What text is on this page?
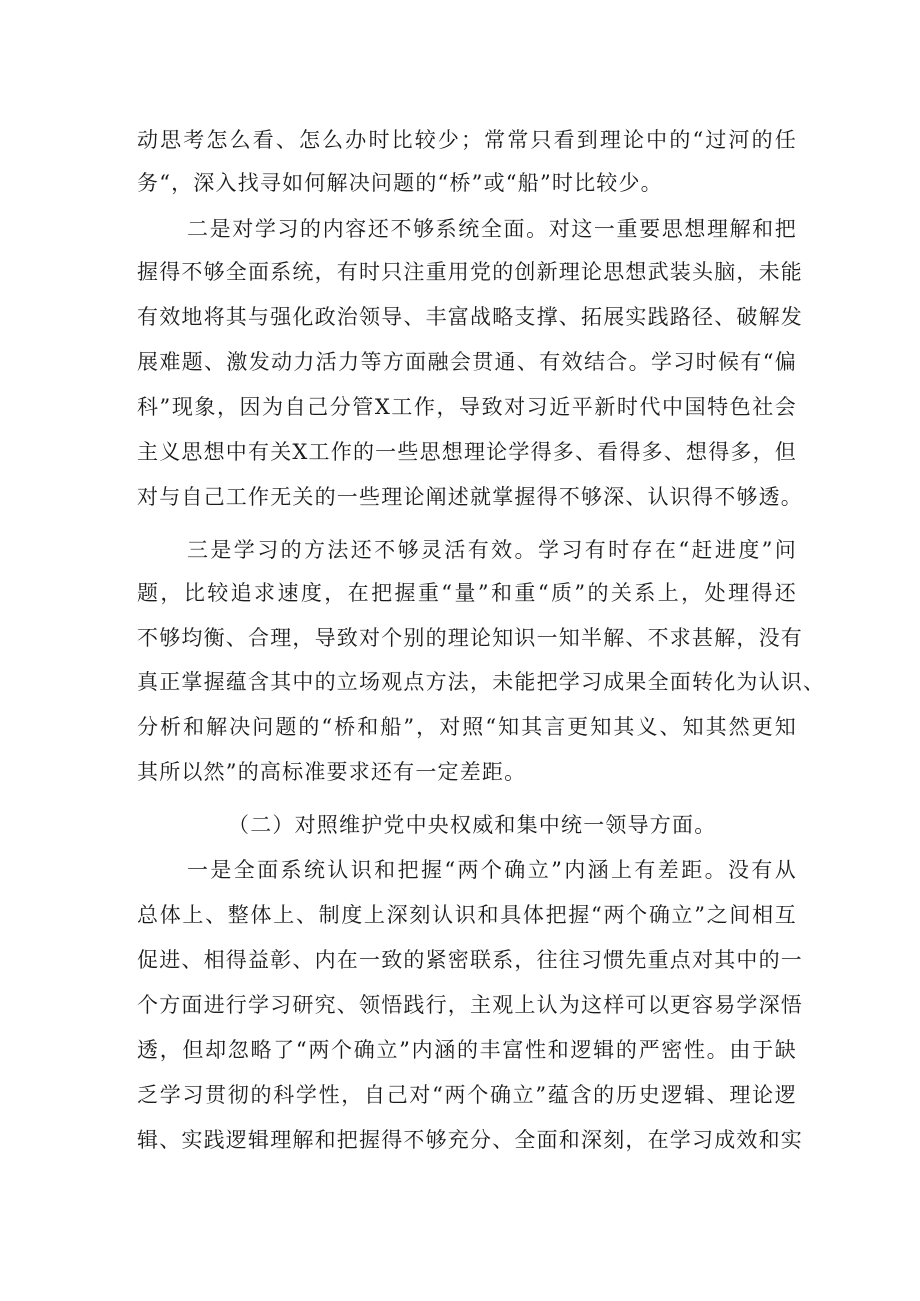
动思考怎么看、怎么办时比较少；常常只看到理论中的“过河的任

务“，深入找寻如何解决问题的“桥”或“船”时比较少。

二是对学习的内容还不够系统全面。对这一重要思想理解和把

握得不够全面系统，有时只注重用党的创新理论思想武装头脑，未能

有效地将其与强化政治领导、丰富战略支撑、拓展实践路径、破解发

展难题、激发动力活力等方面融会贯通、有效结合。学习时候有“偏

科”现象，因为自己分管X工作，导致对习近平新时代中国特色社会

主义思想中有关X工作的一些思想理论学得多、看得多、想得多，但

对与自己工作无关的一些理论阐述就掌握得不够深、认识得不够透。

三是学习的方法还不够灵活有效。学习有时存在“赶进度”问

题，比较追求速度，在把握重“量”和重“质”的关系上，处理得还

不够均衡、合理，导致对个别的理论知识一知半解、不求甚解，没有

真正掌握蕴含其中的立场观点方法，未能把学习成果全面转化为认识、

分析和解决问题的“桥和船”，对照“知其言更知其义、知其然更知

其所以然”的高标准要求还有一定差距。

（二）对照维护党中央权威和集中统一领导方面。

一是全面系统认识和把握“两个确立”内涵上有差距。没有从

总体上、整体上、制度上深刻认识和具体把握“两个确立”之间相互

促进、相得益彰、内在一致的紧密联系，往往习惯先重点对其中的一

个方面进行学习研究、领悟践行，主观上认为这样可以更容易学深悟

透，但却忽略了“两个确立”内涵的丰富性和逻辑的严密性。由于缺

乏学习贯彻的科学性，自己对“两个确立”蕴含的历史逻辑、理论逻

辑、实践逻辑理解和把握得不够充分、全面和深刻，在学习成效和实
